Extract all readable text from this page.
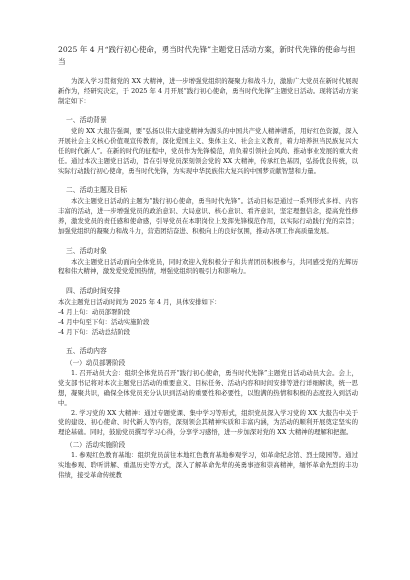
2025 年 4 月“践行初心使命，勇当时代先锋”主题党日活动方案，新时代先锋的使命与担当

为深入学习贯彻党的 XX 大精神，进一步增强党组织的凝聚力和战斗力，激励广大党员在新时代展现新作为，经研究决定，于 2025 年 4 月开展“践行初心使命，勇当时代先锋”主题党日活动。现将活动方案制定如下：

一、活动背景

党的 XX 大报告强调，要“弘扬以伟大建党精神为源头的中国共产党人精神谱系，用好红色资源，深入开展社会主义核心价值观宣传教育，深化爱国主义、集体主义、社会主义教育，着力培养担当民族复兴大任的时代新人”。在新的时代的征程中，党员作为先锋模范，肩负着引领社会风尚、推动事业发展的重大责任。通过本次主题党日活动，旨在引导党员深刻领会党的 XX 大精神，传承红色基因，弘扬优良传统，以实际行动践行初心使命，勇当时代先锋，为实现中华民族伟大复兴的中国梦贡献智慧和力量。

二、活动主题及目标

本次主题党日活动的主题为“践行初心使命，勇当时代先锋”。活动目标是通过一系列形式多样、内容丰富的活动，进一步增强党员的政治意识、大局意识、核心意识、看齐意识，坚定理想信念，提高党性修养，激发党员的责任感和使命感，引导党员在本职岗位上发挥先锋模范作用，以实际行动践行党的宗旨；加强党组织的凝聚力和战斗力，营造团结奋进、积极向上的良好氛围，推动各项工作高质量发展。

三、活动对象

本次主题党日活动面向全体党员，同时欢迎入党积极分子和共青团员积极参与，共同感受党的光辉历程和伟大精神，激发爱党爱国热情，增强党组织的吸引力和影响力。

四、活动时间安排

本次主题党日活动时间为 2025 年 4 月，具体安排如下：

-4 月上旬：动员部署阶段
-4 月中旬至下旬：活动实施阶段
-4 月下旬：活动总结阶段
五、活动内容
（一）动员部署阶段

1. 召开动员大会：组织全体党员召开“践行初心使命，勇当时代先锋”主题党日活动动员大会。会上，党支部书记将对本次主题党日活动的重要意义、目标任务、活动内容和时间安排等进行详细解读，统一思想，凝聚共识，确保全体党员充分认识到活动的重要性和必要性，以饱满的热情和积极的态度投入到活动中。

2. 学习党的 XX 大精神：通过专题党课、集中学习等形式，组织党员深入学习党的 XX 大报告中关于党的建设、初心使命、时代新人等内容，深刻领会其精神实质和丰富内涵，为活动的顺利开展奠定坚实的理论基础。同时，鼓励党员撰写学习心得，分享学习感悟，进一步加深对党的 XX 大精神的理解和把握。

（二）活动实施阶段

1. 参观红色教育基地：组织党员前往本地红色教育基地参观学习，如革命纪念馆、烈士陵园等。通过实地参观、聆听讲解、重温历史等方式，深入了解革命先辈的英勇事迹和崇高精神，缅怀革命先烈的丰功伟绩，接受革命传统教
